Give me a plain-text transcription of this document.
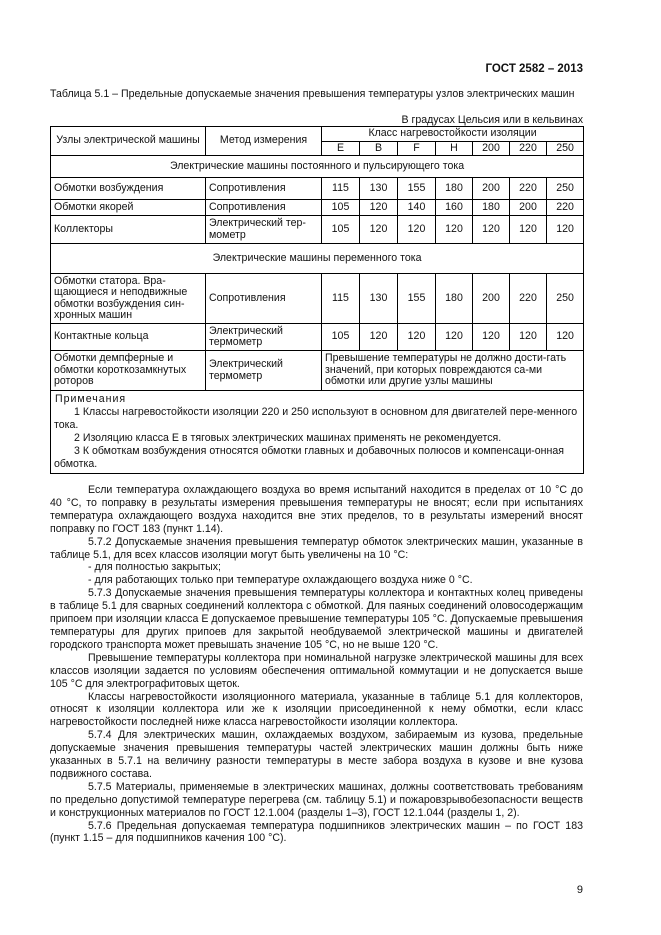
ГОСТ 2582 – 2013
Таблица 5.1 – Предельные допускаемые значения превышения температуры узлов электрических машин
В градусах Цельсия или в кельвинах
Узлы электрической машины	Метод измерения	Класс нагревостойкости изоляции						
		E	B	F	H	200	220	250
Электрические машины постоянного и пульсирующего тока								
Обмотки возбуждения	Сопротивления	115	130	155	180	200	220	250
Обмотки якорей	Сопротивления	105	120	140	160	180	200	220
Коллекторы	Электрический тер-мометр	105	120	120	120	120	120	120
Электрические машины переменного тока								
Обмотки статора. Вра-щающиеся и неподвижные обмотки возбуждения син-хронных машин	Сопротивления	115	130	155	180	200	220	250
Контактные кольца	Электрический термометр	105	120	120	120	120	120	120
Обмотки демпферные и обмотки короткозамкнутых роторов	Электрический термометр	Превышение температуры не должно дости-гать значений, при которых повреждаются са-ми обмотки или другие узлы машины						

Примечания
1 Классы нагревостойкости изоляции 220 и 250 используют в основном для двигателей пере-менного тока.
2 Изоляцию класса Е в тяговых электрических машинах применять не рекомендуется.
3 К обмоткам возбуждения относятся обмотки главных и добавочных полюсов и компенсаци-онная обмотка.								

Если температура охлаждающего воздуха во время испытаний находится в пределах от 10 °С до 40 °С, то поправку в результаты измерения превышения температуры не вносят; если при испытаниях температура охлаждающего воздуха находится вне этих пределов, то в результаты измерений вносят поправку по ГОСТ 183 (пункт 1.14).

5.7.2 Допускаемые значения превышения температур обмоток электрических машин, указанные в таблице 5.1, для всех классов изоляции могут быть увеличены на 10 °С:

- для полностью закрытых;

- для работающих только при температуре охлаждающего воздуха ниже 0 °С.

5.7.3 Допускаемые значения превышения температуры коллектора и контактных колец приведены в таблице 5.1 для сварных соединений коллектора с обмоткой. Для паяных соединений оловосодержащим припоем при изоляции класса Е допускаемое превышение температуры 105 °С. Допускаемые превышения температуры для других припоев для закрытой необдуваемой электрической машины и двигателей городского транспорта может превышать значение 105 °С, но не выше 120 °С.

Превышение температуры коллектора при номинальной нагрузке электрической машины для всех классов изоляции задается по условиям обеспечения оптимальной коммутации и не допускается выше 105 °С для электрографитовых щеток.

Классы нагревостойкости изоляционного материала, указанные в таблице 5.1 для коллекторов, относят к изоляции коллектора или же к изоляции присоединенной к нему обмотки, если класс нагревостойкости последней ниже класса нагревостойкости изоляции коллектора.

5.7.4 Для электрических машин, охлаждаемых воздухом, забираемым из кузова, предельные допускаемые значения превышения температуры частей электрических машин должны быть ниже указанных в 5.7.1 на величину разности температуры в месте забора воздуха в кузове и вне кузова подвижного состава.

5.7.5 Материалы, применяемые в электрических машинах, должны соответствовать требованиям по предельно допустимой температуре перегрева (см. таблицу 5.1) и пожаровзрывобезопасности веществ и конструкционных материалов по ГОСТ 12.1.004 (разделы 1–3), ГОСТ 12.1.044 (разделы 1, 2).

5.7.6 Предельная допускаемая температура подшипников электрических машин – по ГОСТ 183 (пункт 1.15 – для подшипников качения 100 °С).

9
